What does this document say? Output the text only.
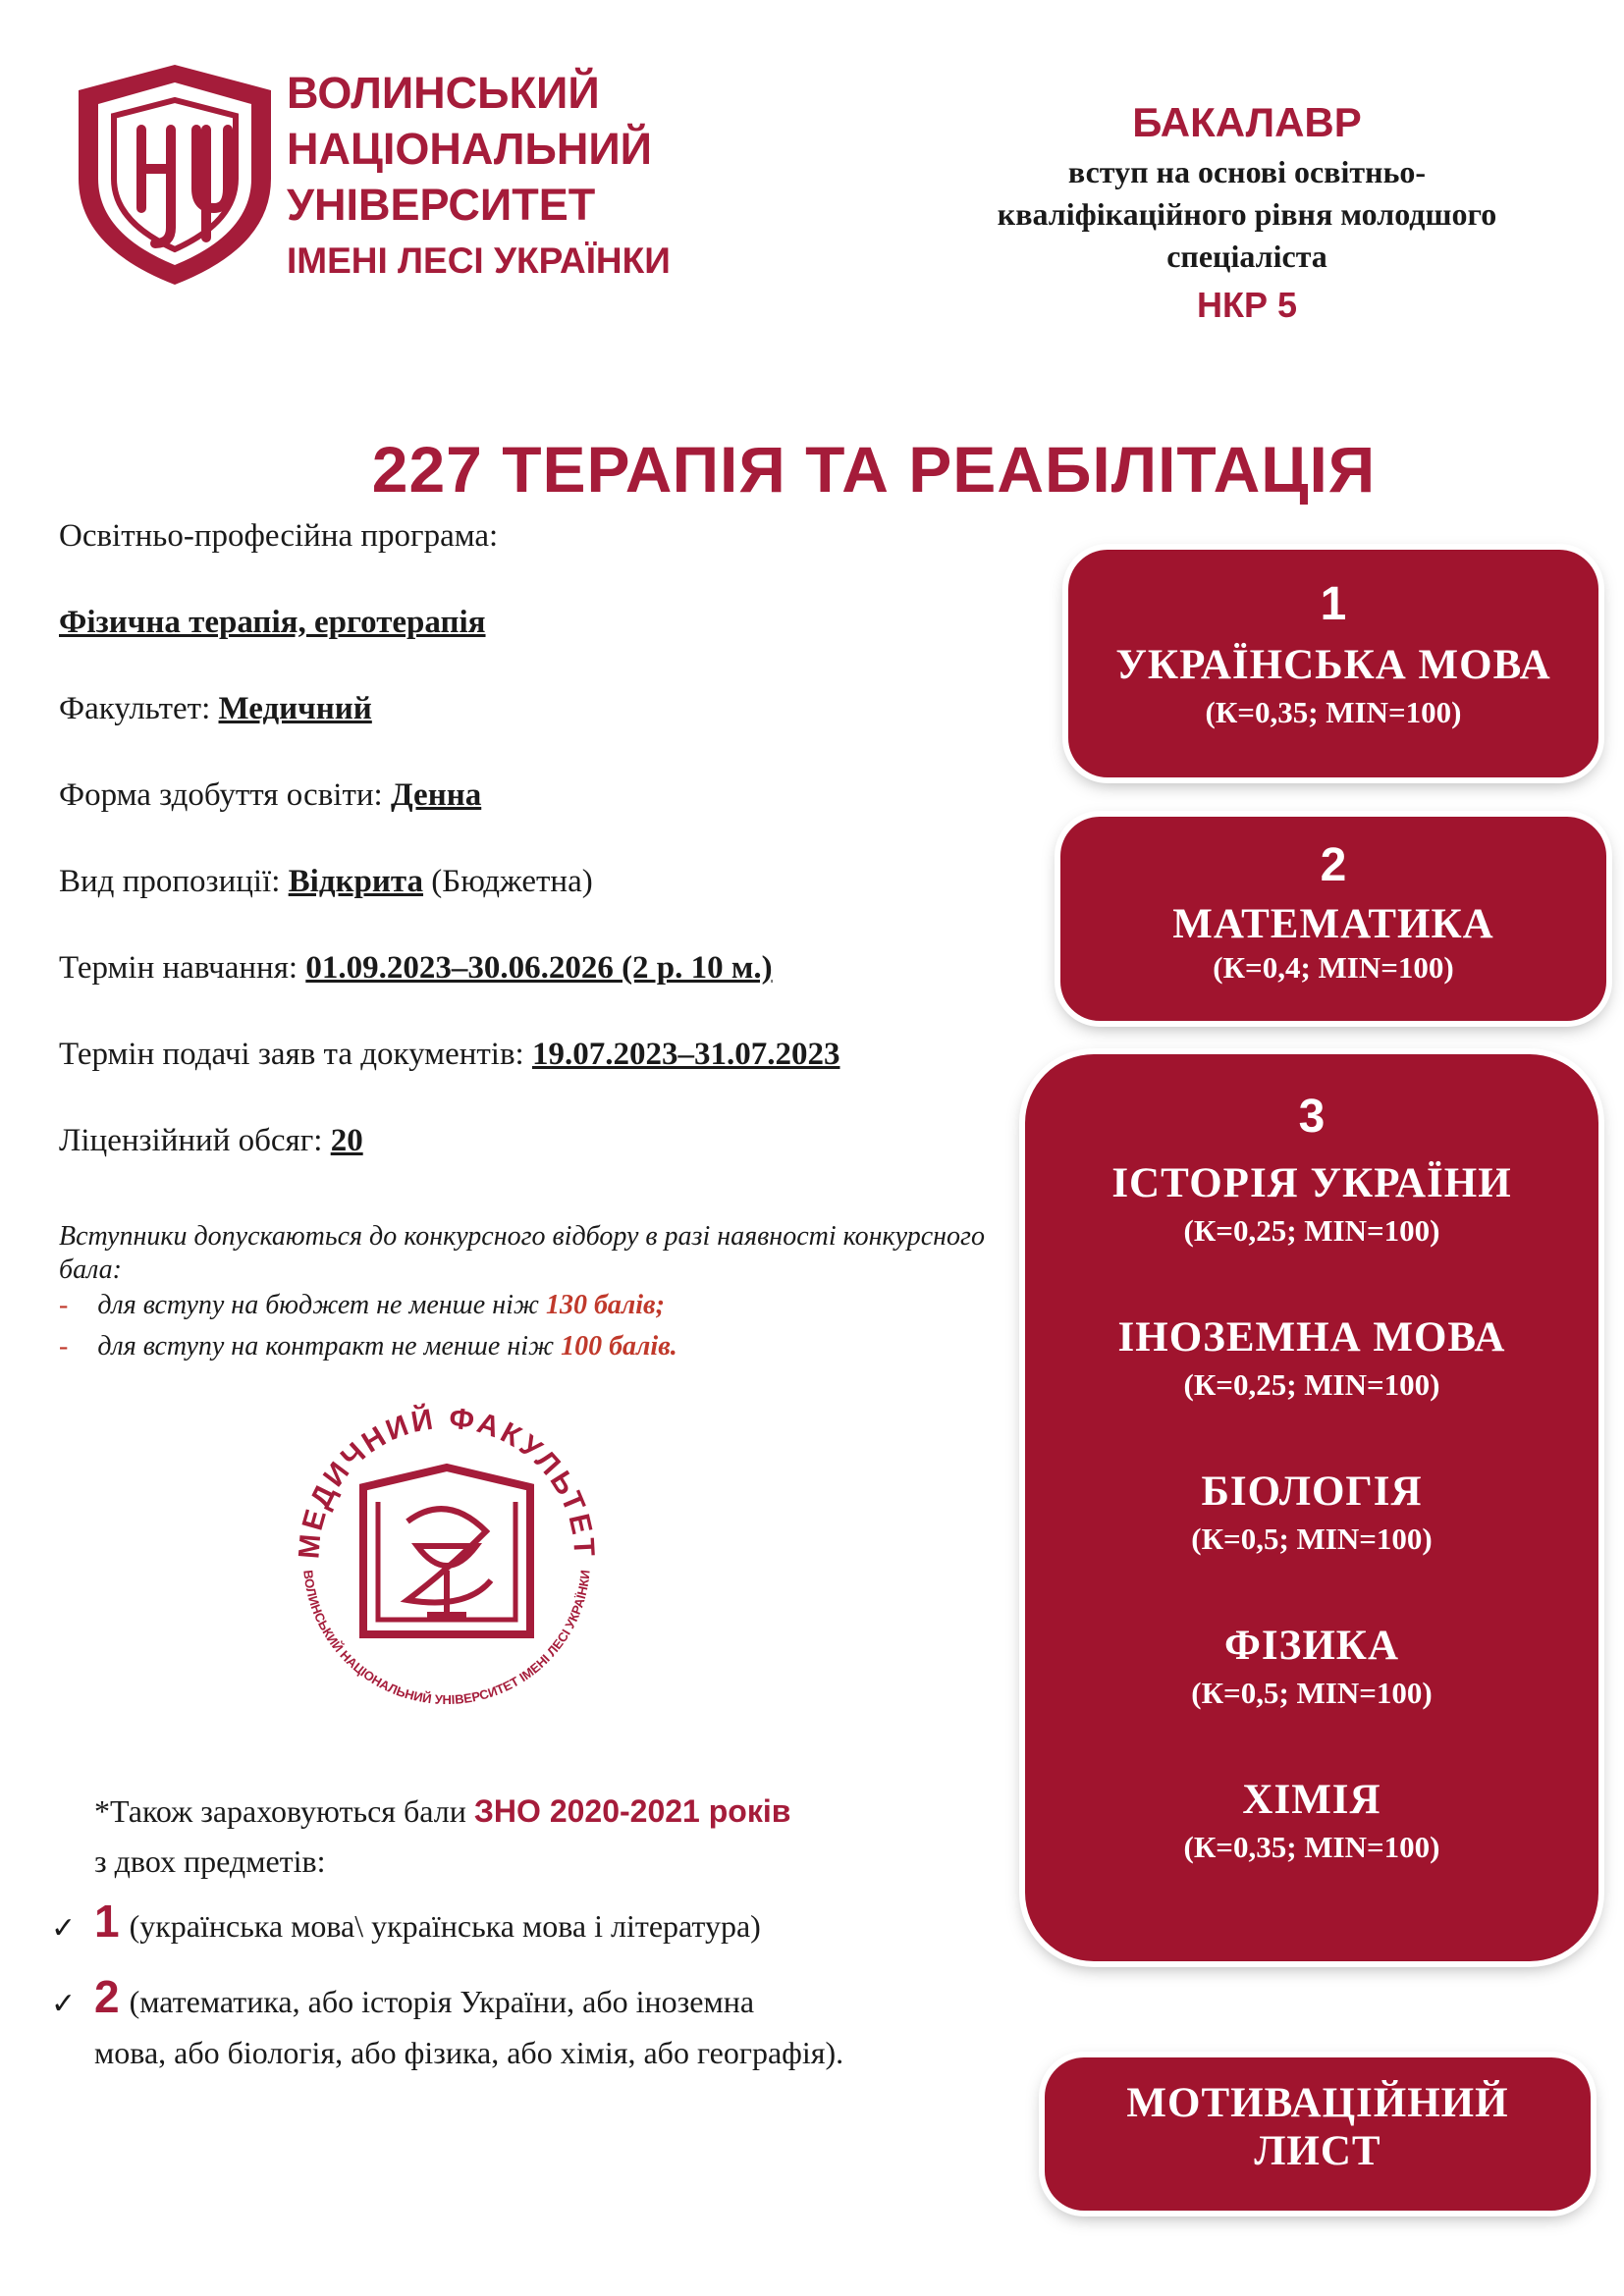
ВОЛИНСЬКИЙ
НАЦІОНАЛЬНИЙ
УНІВЕРСИТЕТ
ІМЕНІ ЛЕСІ УКРАЇНКИ
БАКАЛАВР
вступ на основі освітньо-
кваліфікаційного рівня молодшого
спеціаліста
НКР 5
227 ТЕРАПІЯ ТА РЕАБІЛІТАЦІЯ
Освітньо-професійна програма:
Фізична терапія, ерготерапія
Факультет: Медичний
Форма здобуття освіти: Денна
Вид пропозиції: Відкрита (Бюджетна)
Термін навчання: 01.09.2023–30.06.2026 (2 р. 10 м.)
Термін подачі заяв та документів: 19.07.2023–31.07.2023
Ліцензійний обсяг: 20
Вступники допускаються до конкурсного відбору в разі наявності конкурсного бала:
- для вступу на бюджет не менше ніж 130 балів;
- для вступу на контракт не менше ніж 100 балів.
МЕДИЧНИЙ ФАКУЛЬТЕТ
ВОЛИНСЬКИЙ НАЦІОНАЛЬНИЙ УНІВЕРСИТЕТ ІМЕНІ ЛЕСІ УКРАЇНКИ
*Також зараховуються бали ЗНО 2020-2021 років
з двох предметів:
✓ 1 (українська мова\ українська мова і література)
✓ 2 (математика, або історія України, або іноземна
мова, або біологія, або фізика, або хімія, або географія).
1
УКРАЇНСЬКА МОВА
(К=0,35; MIN=100)
2
МАТЕМАТИКА
(К=0,4; MIN=100)
3
ІСТОРІЯ УКРАЇНИ
(К=0,25; MIN=100)
ІНОЗЕМНА МОВА
(К=0,25; MIN=100)
БІОЛОГІЯ
(К=0,5; MIN=100)
ФІЗИКА
(К=0,5; MIN=100)
ХІМІЯ
(К=0,35; MIN=100)
МОТИВАЦІЙНИЙ
ЛИСТ
